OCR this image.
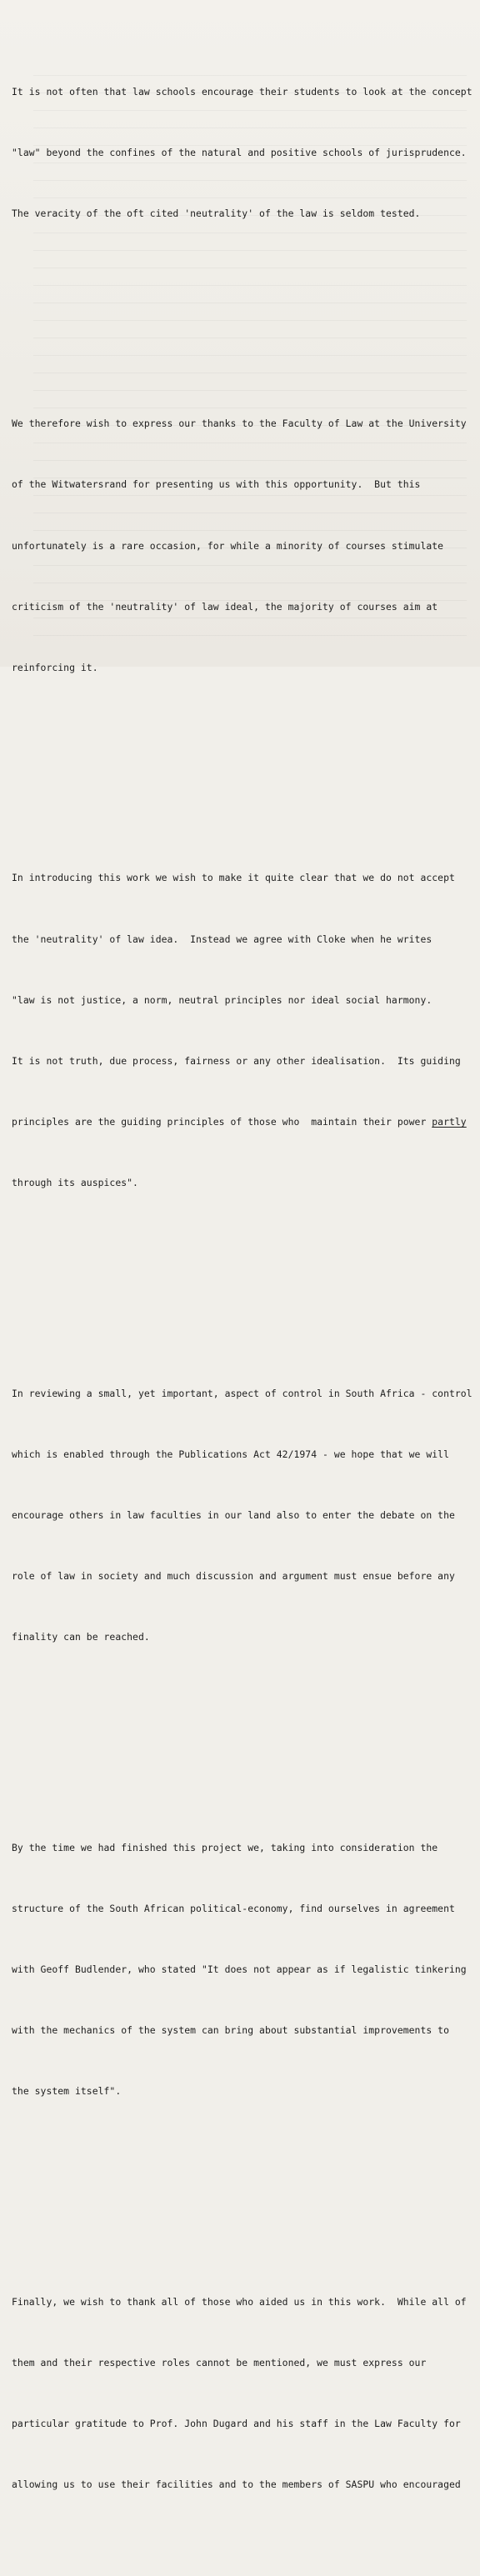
It is not often that law schools encourage their students to look at the concept

"law" beyond the confines of the natural and positive schools of jurisprudence.

The veracity of the oft cited 'neutrality' of the law is seldom tested.

We therefore wish to express our thanks to the Faculty of Law at the University

of the Witwatersrand for presenting us with this opportunity.  But this

unfortunately is a rare occasion, for while a minority of courses stimulate

criticism of the 'neutrality' of law ideal, the majority of courses aim at

reinforcing it.

In introducing this work we wish to make it quite clear that we do not accept

the 'neutrality' of law idea.  Instead we agree with Cloke when he writes

"law is not justice, a norm, neutral principles nor ideal social harmony.

It is not truth, due process, fairness or any other idealisation.  Its guiding

principles are the guiding principles of those who  maintain their power partly

through its auspices".

In reviewing a small, yet important, aspect of control in South Africa - control

which is enabled through the Publications Act 42/1974 - we hope that we will

encourage others in law faculties in our land also to enter the debate on the

role of law in society and much discussion and argument must ensue before any

finality can be reached.

By the time we had finished this project we, taking into consideration the

structure of the South African political-economy, find ourselves in agreement

with Geoff Budlender, who stated "It does not appear as if legalistic tinkering

with the mechanics of the system can bring about substantial improvements to

the system itself".

Finally, we wish to thank all of those who aided us in this work.  While all of

them and their respective roles cannot be mentioned, we must express our

particular gratitude to Prof. John Dugard and his staff in the Law Faculty for

allowing us to use their facilities and to the members of SASPU who encouraged
